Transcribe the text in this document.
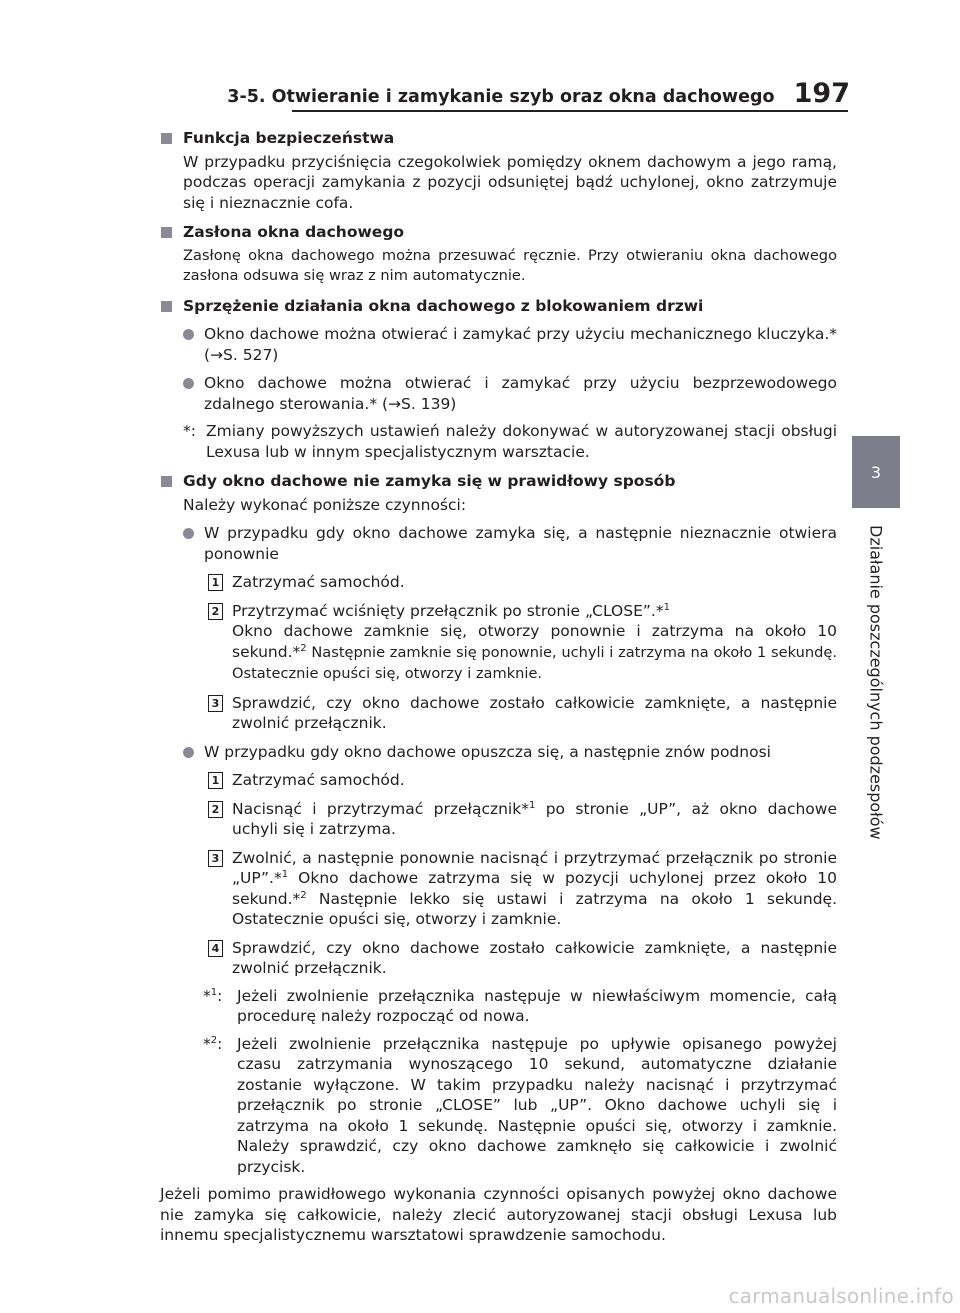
3-5. Otwieranie i zamykanie szyb oraz okna dachowego 197
3
Działanie poszczególnych podzespołów
Funkcja bezpieczeństwa
W przypadku przyciśnięcia czegokolwiek pomiędzy oknem dachowym a jego ramą, podczas operacji zamykania z pozycji odsuniętej bądź uchylonej, okno zatrzymuje się i nieznacznie cofa.
Zasłona okna dachowego
Zasłonę okna dachowego można przesuwać ręcznie. Przy otwieraniu okna dachowego zasłona odsuwa się wraz z nim automatycznie.
Sprzężenie działania okna dachowego z blokowaniem drzwi
Okno dachowe można otwierać i zamykać przy użyciu mechanicznego kluczyka.* (→S. 527)
Okno dachowe można otwierać i zamykać przy użyciu bezprzewodowego zdalnego sterowania.* (→S. 139)
*: Zmiany powyższych ustawień należy dokonywać w autoryzowanej stacji obsługi Lexusa lub w innym specjalistycznym warsztacie.
Gdy okno dachowe nie zamyka się w prawidłowy sposób
Należy wykonać poniższe czynności:
W przypadku gdy okno dachowe zamyka się, a następnie nieznacznie otwiera ponownie
1 Zatrzymać samochód.
2 Przytrzymać wciśnięty przełącznik po stronie „CLOSE”.*$^1$
Okno dachowe zamknie się, otworzy ponownie i zatrzyma na około 10 sekund.*$^2$ Następnie zamknie się ponownie, uchyli i zatrzyma na około 1 sekundę. Ostatecznie opuści się, otworzy i zamknie.
3 Sprawdzić, czy okno dachowe zostało całkowicie zamknięte, a następnie zwolnić przełącznik.
W przypadku gdy okno dachowe opuszcza się, a następnie znów podnosi
1 Zatrzymać samochód.
2 Nacisnąć i przytrzymać przełącznik*$^1$ po stronie „UP”, aż okno dachowe uchyli się i zatrzyma.
3 Zwolnić, a następnie ponownie nacisnąć i przytrzymać przełącznik po stronie „UP”.*$^1$ Okno dachowe zatrzyma się w pozycji uchylonej przez około 10 sekund.*$^2$ Następnie lekko się ustawi i zatrzyma na około 1 sekundę. Ostatecznie opuści się, otworzy i zamknie.
4 Sprawdzić, czy okno dachowe zostało całkowicie zamknięte, a następnie zwolnić przełącznik.
*$^1$: Jeżeli zwolnienie przełącznika następuje w niewłaściwym momencie, całą procedurę należy rozpocząć od nowa.
*$^2$: Jeżeli zwolnienie przełącznika następuje po upływie opisanego powyżej czasu zatrzymania wynoszącego 10 sekund, automatyczne działanie zostanie wyłączone. W takim przypadku należy nacisnąć i przytrzymać przełącznik po stronie „CLOSE” lub „UP”. Okno dachowe uchyli się i zatrzyma na około 1 sekundę. Następnie opuści się, otworzy i zamknie. Należy sprawdzić, czy okno dachowe zamknęło się całkowicie i zwolnić przycisk.
Jeżeli pomimo prawidłowego wykonania czynności opisanych powyżej okno dachowe nie zamyka się całkowicie, należy zlecić autoryzowanej stacji obsługi Lexusa lub innemu specjalistycznemu warsztatowi sprawdzenie samochodu.
carmanualsonline.info
